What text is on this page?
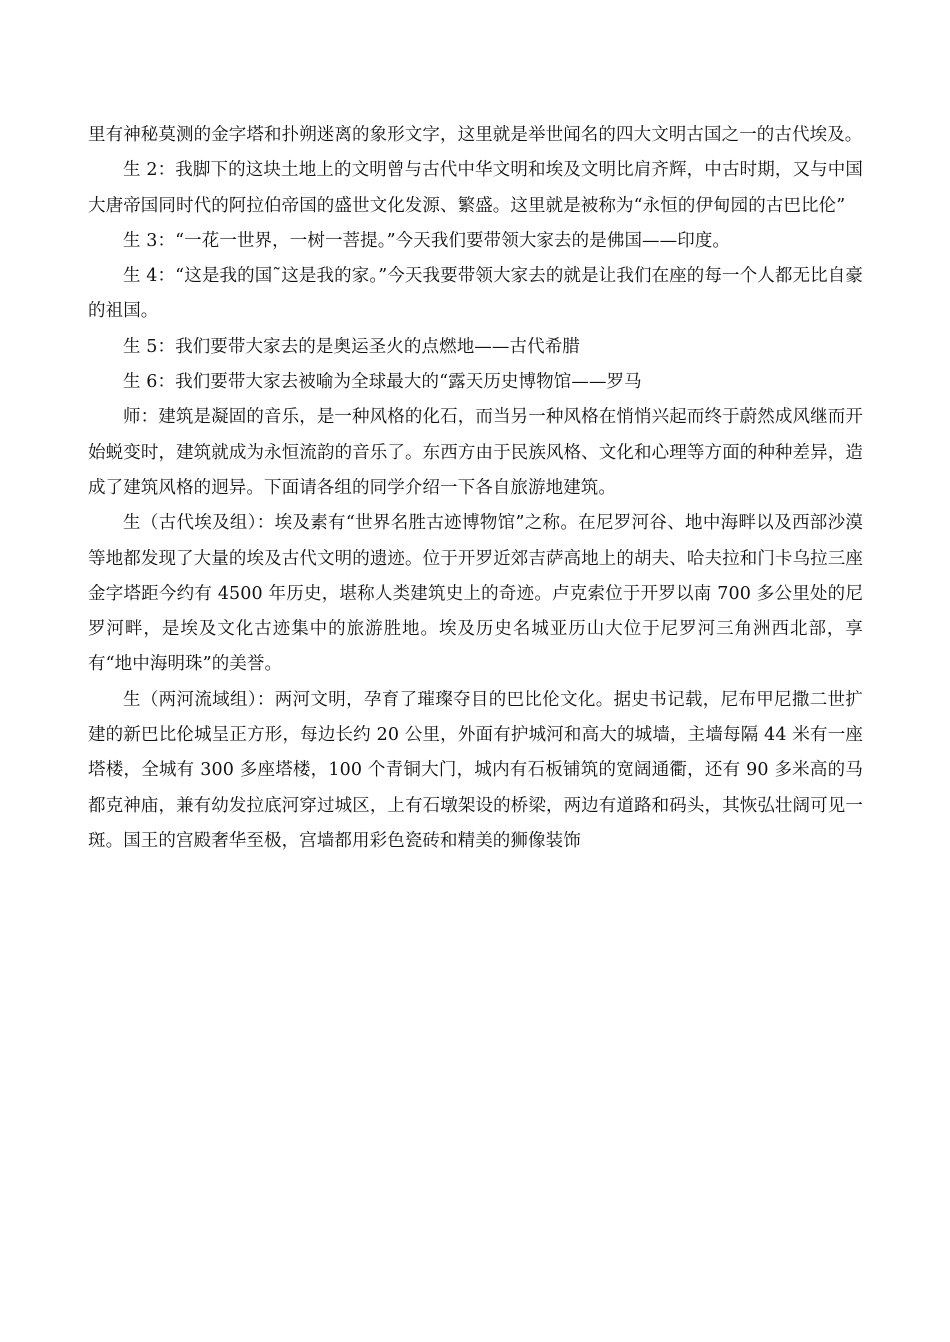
里有神秘莫测的金字塔和扑朔迷离的象形文字，这里就是举世闻名的四大文明古国之一的古代埃及。

生 2：我脚下的这块土地上的文明曾与古代中华文明和埃及文明比肩齐辉，中古时期，又与中国大唐帝国同时代的阿拉伯帝国的盛世文化发源、繁盛。这里就是被称为“永恒的伊甸园的古巴比伦”

生 3：“一花一世界，一树一菩提。”今天我们要带领大家去的是佛国——印度。

生 4：“这是我的国˜这是我的家。”今天我要带领大家去的就是让我们在座的每一个人都无比自豪的祖国。

生 5：我们要带大家去的是奥运圣火的点燃地——古代希腊

生 6：我们要带大家去被喻为全球最大的“露天历史博物馆——罗马

师：建筑是凝固的音乐，是一种风格的化石，而当另一种风格在悄悄兴起而终于蔚然成风继而开始蜕变时，建筑就成为永恒流韵的音乐了。东西方由于民族风格、文化和心理等方面的种种差异，造成了建筑风格的迥异。下面请各组的同学介绍一下各自旅游地建筑。

生（古代埃及组）：埃及素有“世界名胜古迹博物馆”之称。在尼罗河谷、地中海畔以及西部沙漠等地都发现了大量的埃及古代文明的遗迹。位于开罗近郊吉萨高地上的胡夫、哈夫拉和门卡乌拉三座金字塔距今约有 4500 年历史，堪称人类建筑史上的奇迹。卢克索位于开罗以南 700 多公里处的尼罗河畔，是埃及文化古迹集中的旅游胜地。埃及历史名城亚历山大位于尼罗河三角洲西北部，享有“地中海明珠”的美誉。

生（两河流域组）：两河文明，孕育了璀璨夺目的巴比伦文化。据史书记载，尼布甲尼撒二世扩建的新巴比伦城呈正方形，每边长约 20 公里，外面有护城河和高大的城墙，主墙每隔 44 米有一座塔楼，全城有 300 多座塔楼，100 个青铜大门，城内有石板铺筑的宽阔通衢，还有 90 多米高的马都克神庙，兼有幼发拉底河穿过城区，上有石墩架设的桥梁，两边有道路和码头，其恢弘壮阔可见一斑。国王的宫殿奢华至极，宫墙都用彩色瓷砖和精美的狮像装饰
